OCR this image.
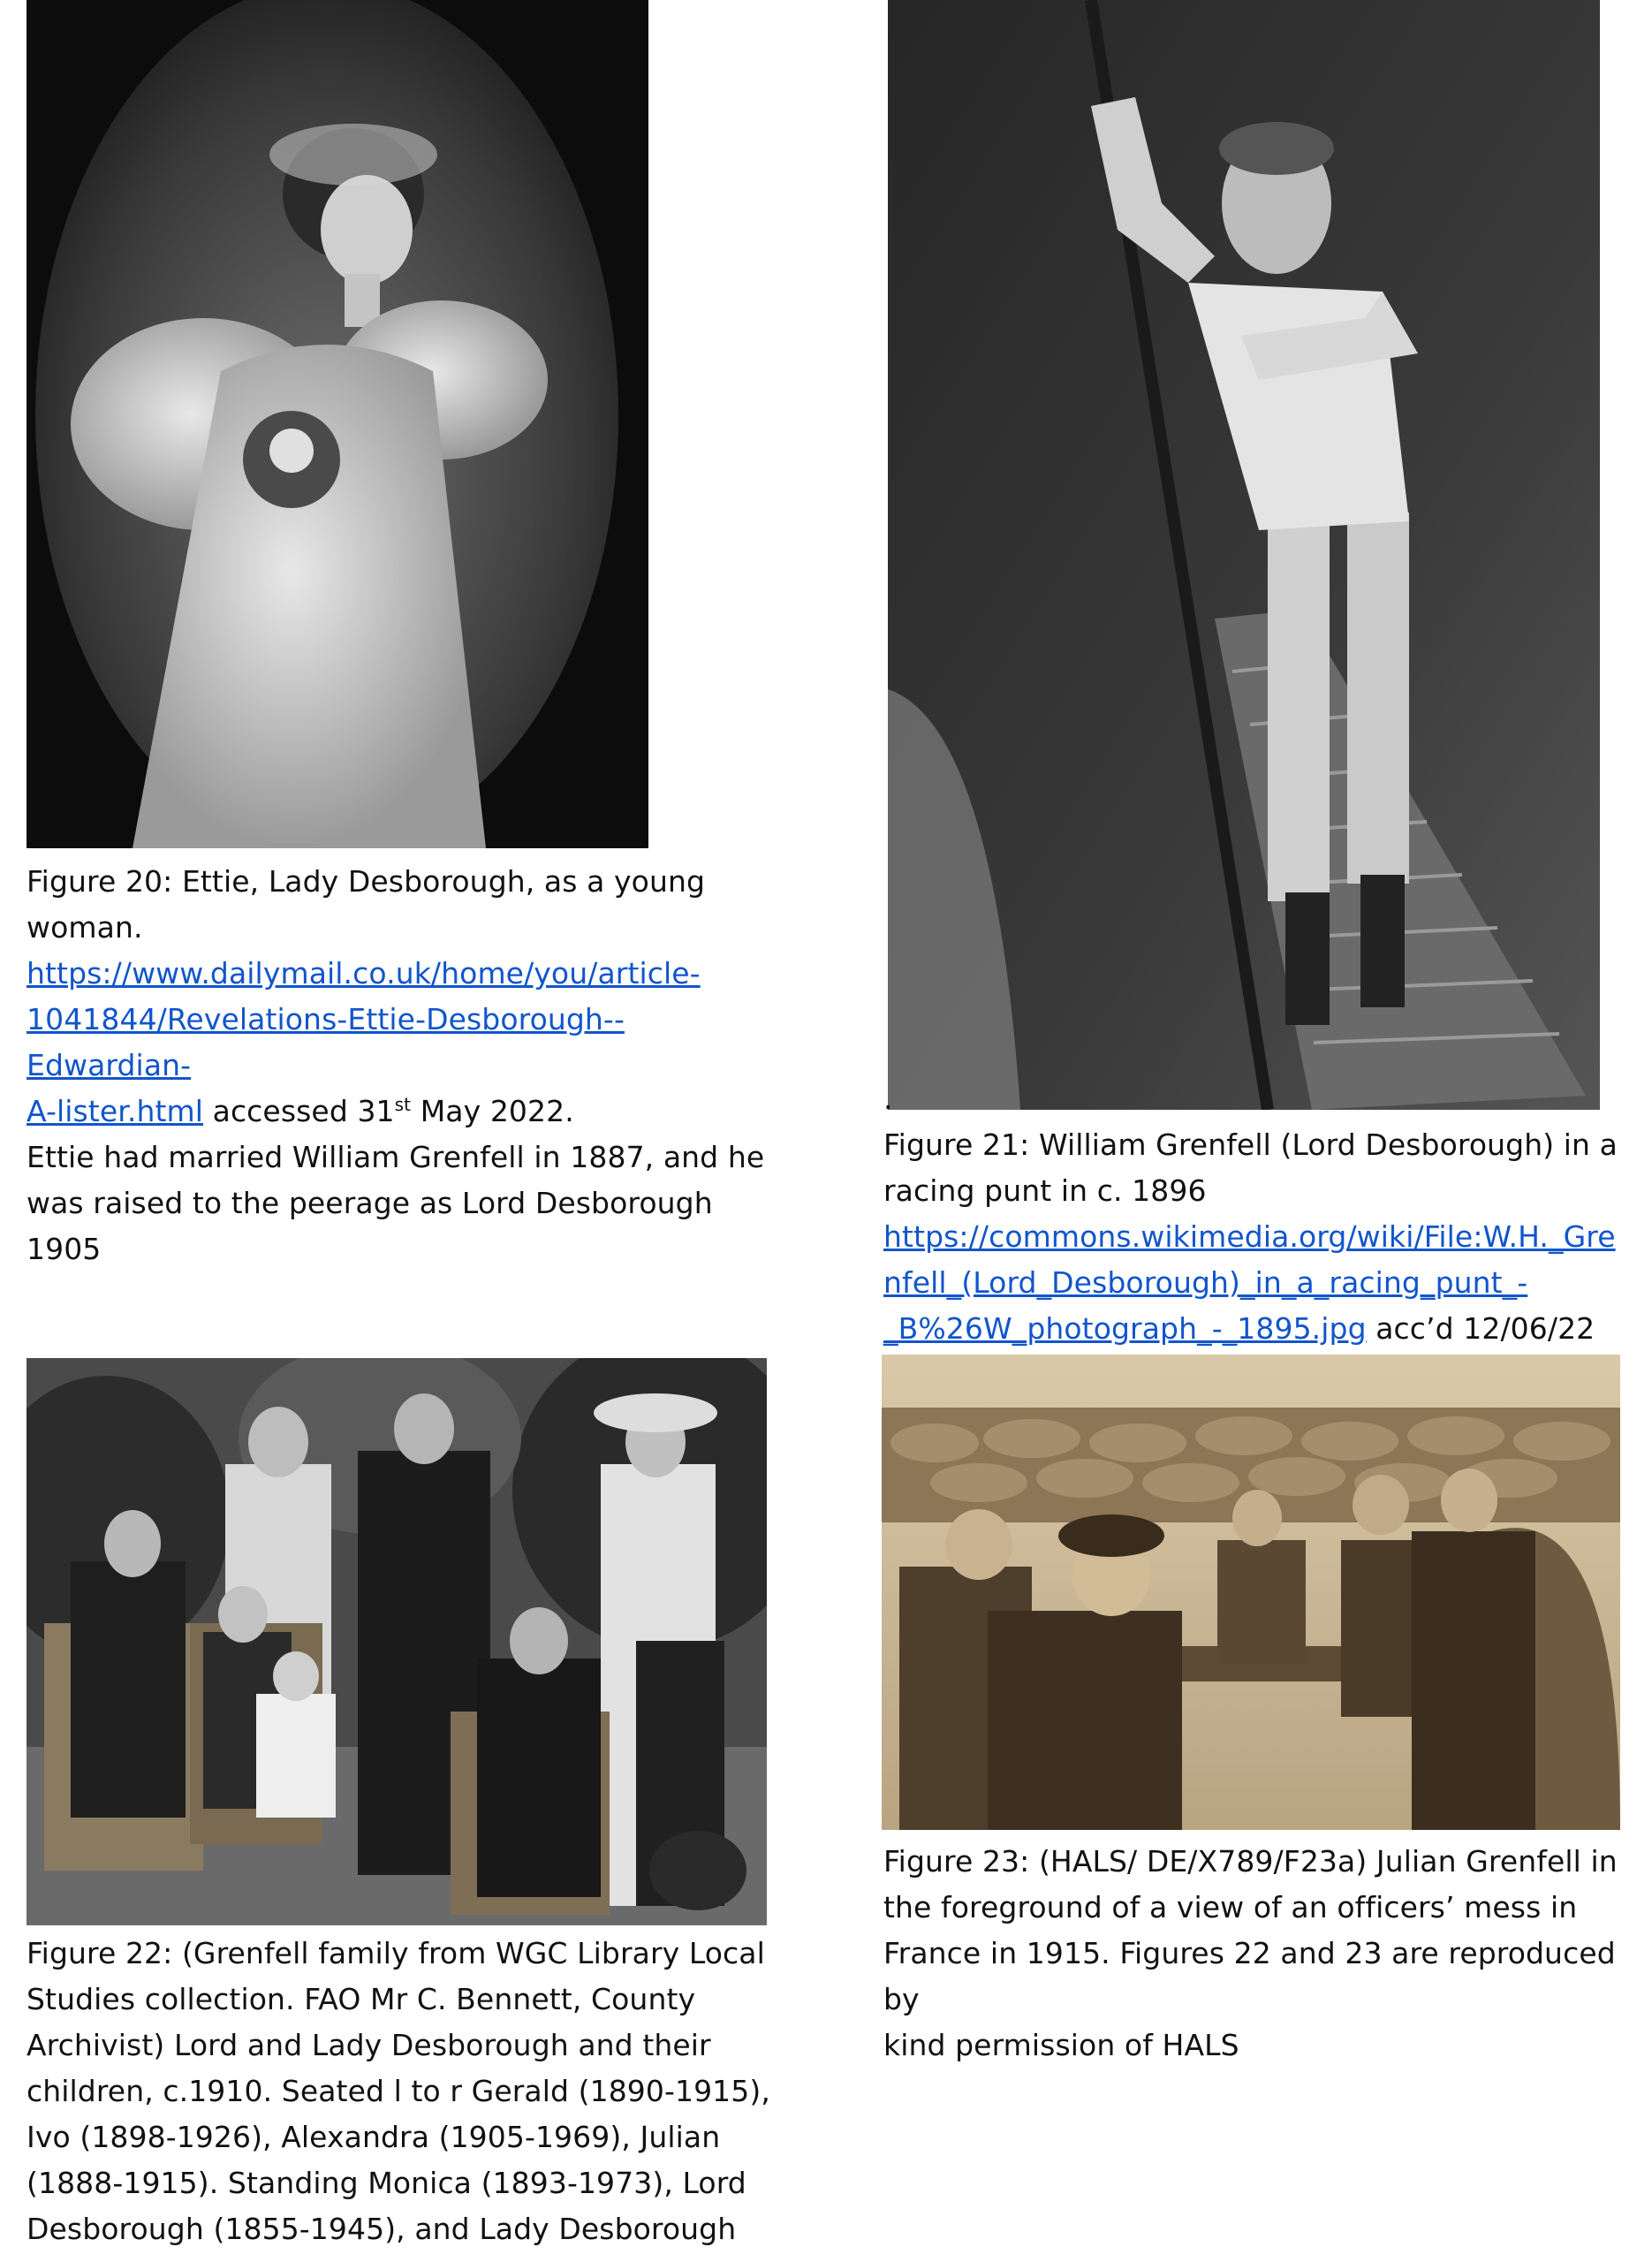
Figure 20: Ettie, Lady Desborough, as a young
woman.
https://www.dailymail.co.uk/home/you/article-
1041844/Revelations-Ettie-Desborough--Edwardian-
A-lister.html accessed 31st May 2022.
Ettie had married William Grenfell in 1887, and he
was raised to the peerage as Lord Desborough 1905
.
Figure 21: William Grenfell (Lord Desborough) in a
racing punt in c. 1896
https://commons.wikimedia.org/wiki/File:W.H._Gre
nfell_(Lord_Desborough)_in_a_racing_punt_-
_B%26W_photograph_-_1895.jpg acc’d 12/06/22
Figure 22: (Grenfell family from WGC Library Local
Studies collection. FAO Mr C. Bennett, County
Archivist) Lord and Lady Desborough and their
children, c.1910. Seated l to r Gerald (1890-1915),
Ivo (1898-1926), Alexandra (1905-1969), Julian
(1888-1915). Standing Monica (1893-1973), Lord
Desborough (1855-1945), and Lady Desborough
Figure 23: (HALS/ DE/X789/F23a) Julian Grenfell in
the foreground of a view of an officers’ mess in
France in 1915. Figures 22 and 23 are reproduced by
kind permission of HALS
